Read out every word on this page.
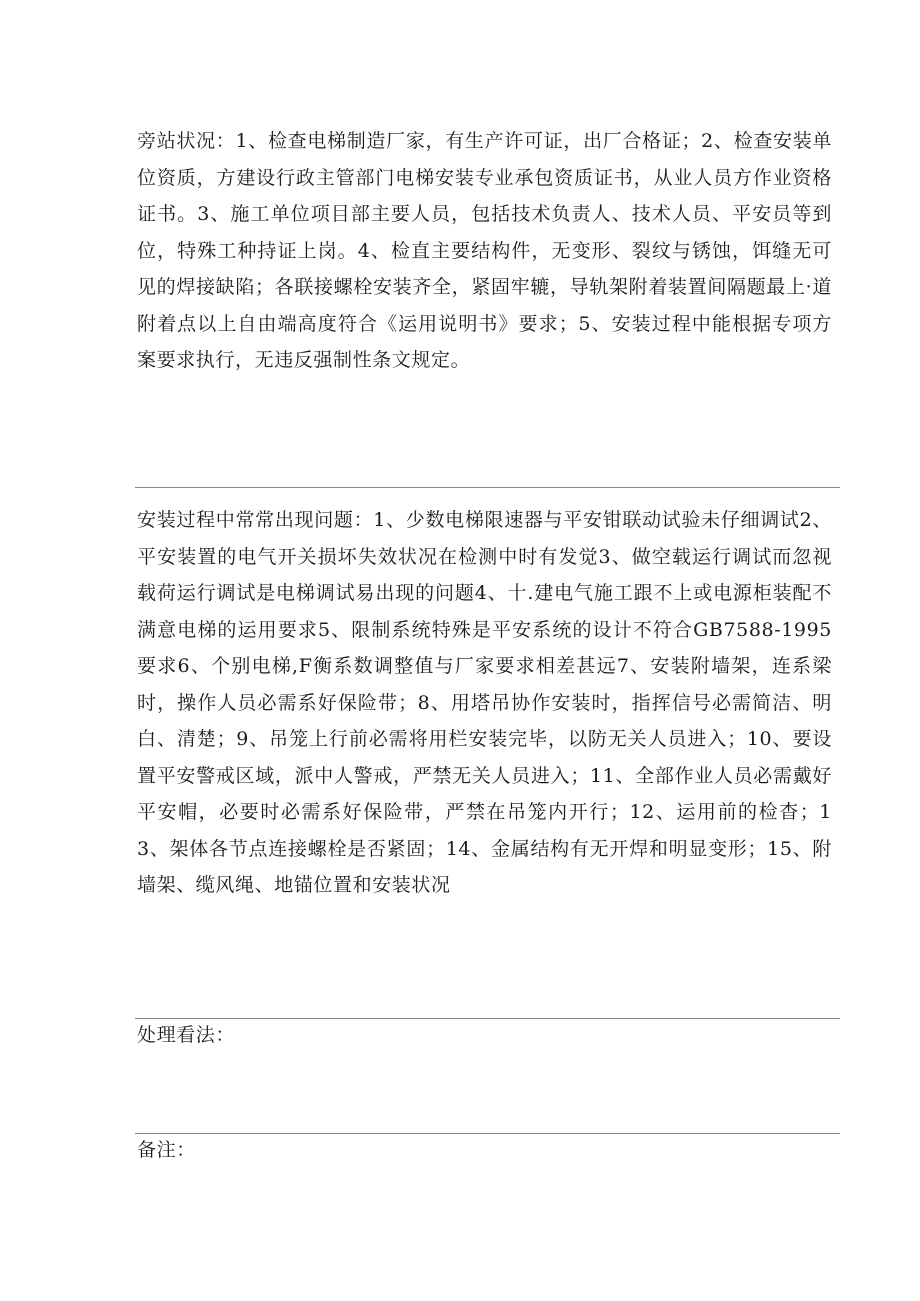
旁站状况：1、检查电梯制造厂家，有生产许可证，出厂合格证；2、检查安装单位资质，方建设行政主管部门电梯安装专业承包资质证书，从业人员方作业资格证书。3、施工单位项目部主要人员，包括技术负责人、技术人员、平安员等到位，特殊工种持证上岗。4、检直主要结构件，无变形、裂纹与锈蚀，饵缝无可见的焊接缺陷；各联接螺栓安装齐全，紧固牢辘，导轨架附着装置间隔题最上·道附着点以上自由端高度符合《运用说明书》要求；5、安装过程中能根据专项方案要求执行，无违反强制性条文规定。

安装过程中常常出现问题：1、少数电梯限速器与平安钳联动试验未仔细调试2、平安装置的电气开关损坏失效状况在检测中时有发觉3、做空载运行调试而忽视载荷运行调试是电梯调试易出现的问题4、十.建电气施工跟不上或电源柜装配不满意电梯的运用要求5、限制系统特殊是平安系统的设计不符合GB7588-1995要求6、个别电梯,F衡系数调整值与厂家要求相差甚远7、安装附墙架，连系梁时，操作人员必需系好保险带；8、用塔吊协作安装时，指挥信号必需简洁、明白、清楚；9、吊笼上行前必需将用栏安装完毕，以防无关人员进入；10、要设置平安警戒区域，派中人警戒，严禁无关人员进入；11、全部作业人员必需戴好平安帽，必要时必需系好保险带，严禁在吊笼内开行；12、运用前的检杳；13、架体各节点连接螺栓是否紧固；14、金属结构有无开焊和明显变形；15、附墙架、缆风绳、地锚位置和安装状况

处理看法：

备注：
